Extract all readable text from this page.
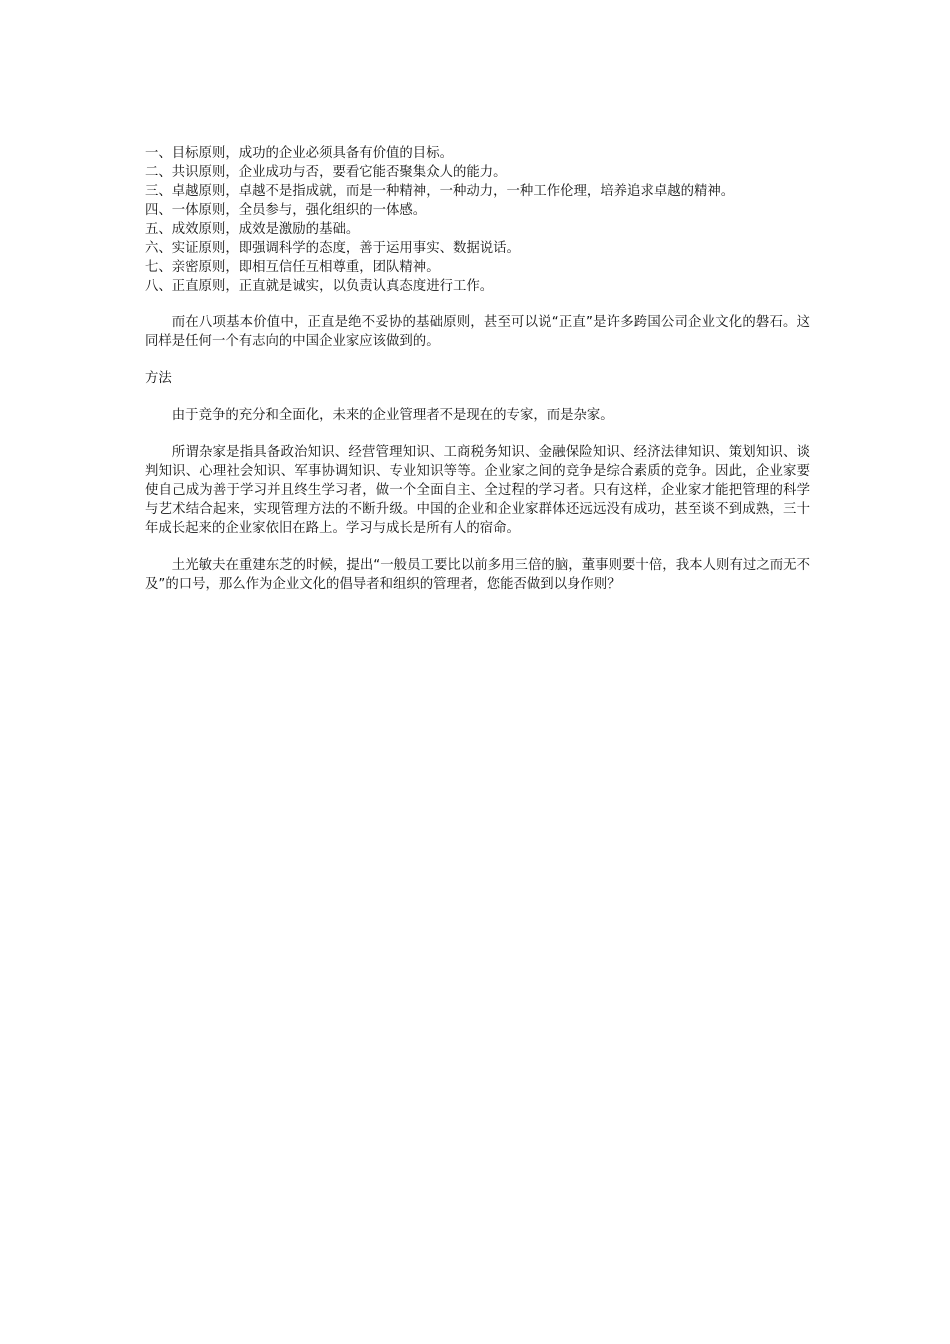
一、目标原则，成功的企业必须具备有价值的目标。
二、共识原则，企业成功与否，要看它能否聚集众人的能力。
三、卓越原则，卓越不是指成就，而是一种精神，一种动力，一种工作伦理，培养追求卓越的精神。
四、一体原则，全员参与，强化组织的一体感。
五、成效原则，成效是激励的基础。
六、实证原则，即强调科学的态度，善于运用事实、数据说话。
七、亲密原则，即相互信任互相尊重，团队精神。
八、正直原则，正直就是诚实，以负责认真态度进行工作。

而在八项基本价值中，正直是绝不妥协的基础原则，甚至可以说“正直”是许多跨国公司企业文化的磐石。这同样是任何一个有志向的中国企业家应该做到的。

方法

由于竞争的充分和全面化，未来的企业管理者不是现在的专家，而是杂家。

所谓杂家是指具备政治知识、经营管理知识、工商税务知识、金融保险知识、经济法律知识、策划知识、谈判知识、心理社会知识、军事协调知识、专业知识等等。企业家之间的竞争是综合素质的竞争。因此，企业家要使自己成为善于学习并且终生学习者，做一个全面自主、全过程的学习者。只有这样，企业家才能把管理的科学与艺术结合起来，实现管理方法的不断升级。中国的企业和企业家群体还远远没有成功，甚至谈不到成熟，三十年成长起来的企业家依旧在路上。学习与成长是所有人的宿命。

土光敏夫在重建东芝的时候，提出“一般员工要比以前多用三倍的脑，董事则要十倍，我本人则有过之而无不及”的口号，那么作为企业文化的倡导者和组织的管理者，您能否做到以身作则？
